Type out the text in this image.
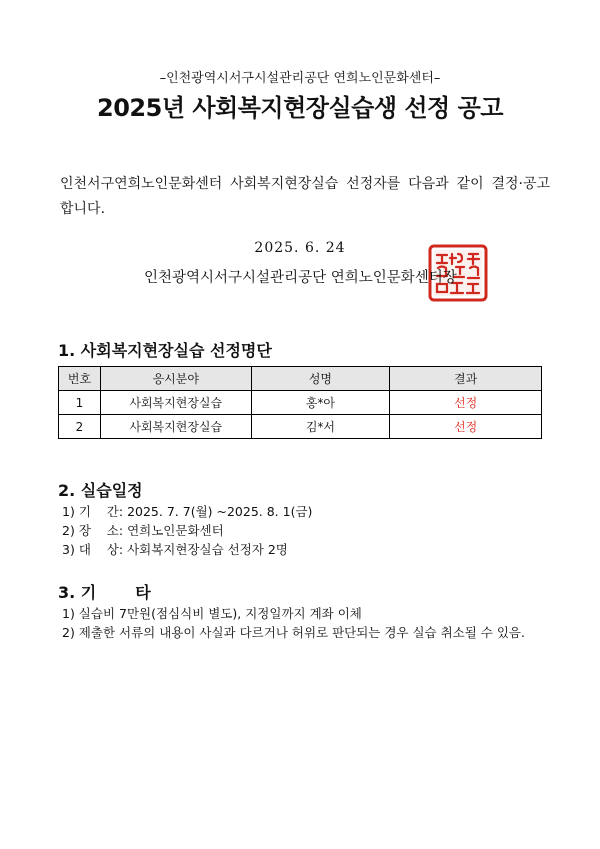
–인천광역시서구시설관리공단 연희노인문화센터–
2025년 사회복지현장실습생 선정 공고
인천서구연희노인문화센터 사회복지현장실습 선정자를 다음과 같이 결정·공고 합니다.
2025. 6. 24
인천광역시서구시설관리공단 연희노인문화센터장
1. 사회복지현장실습 선정명단
번호	응시분야	성명	결과
1	사회복지현장실습	홍*아	선정
2	사회복지현장실습	김*서	선정
2. 실습일정
1) 기    간: 2025. 7. 7(월) ~2025. 8. 1(금)
2) 장    소: 연희노인문화센터
3) 대    상: 사회복지현장실습 선정자 2명
3. 기       타
1) 실습비 7만원(점심식비 별도), 지정일까지 계좌 이체
2) 제출한 서류의 내용이 사실과 다르거나 허위로 판단되는 경우 실습 취소될 수 있음.
